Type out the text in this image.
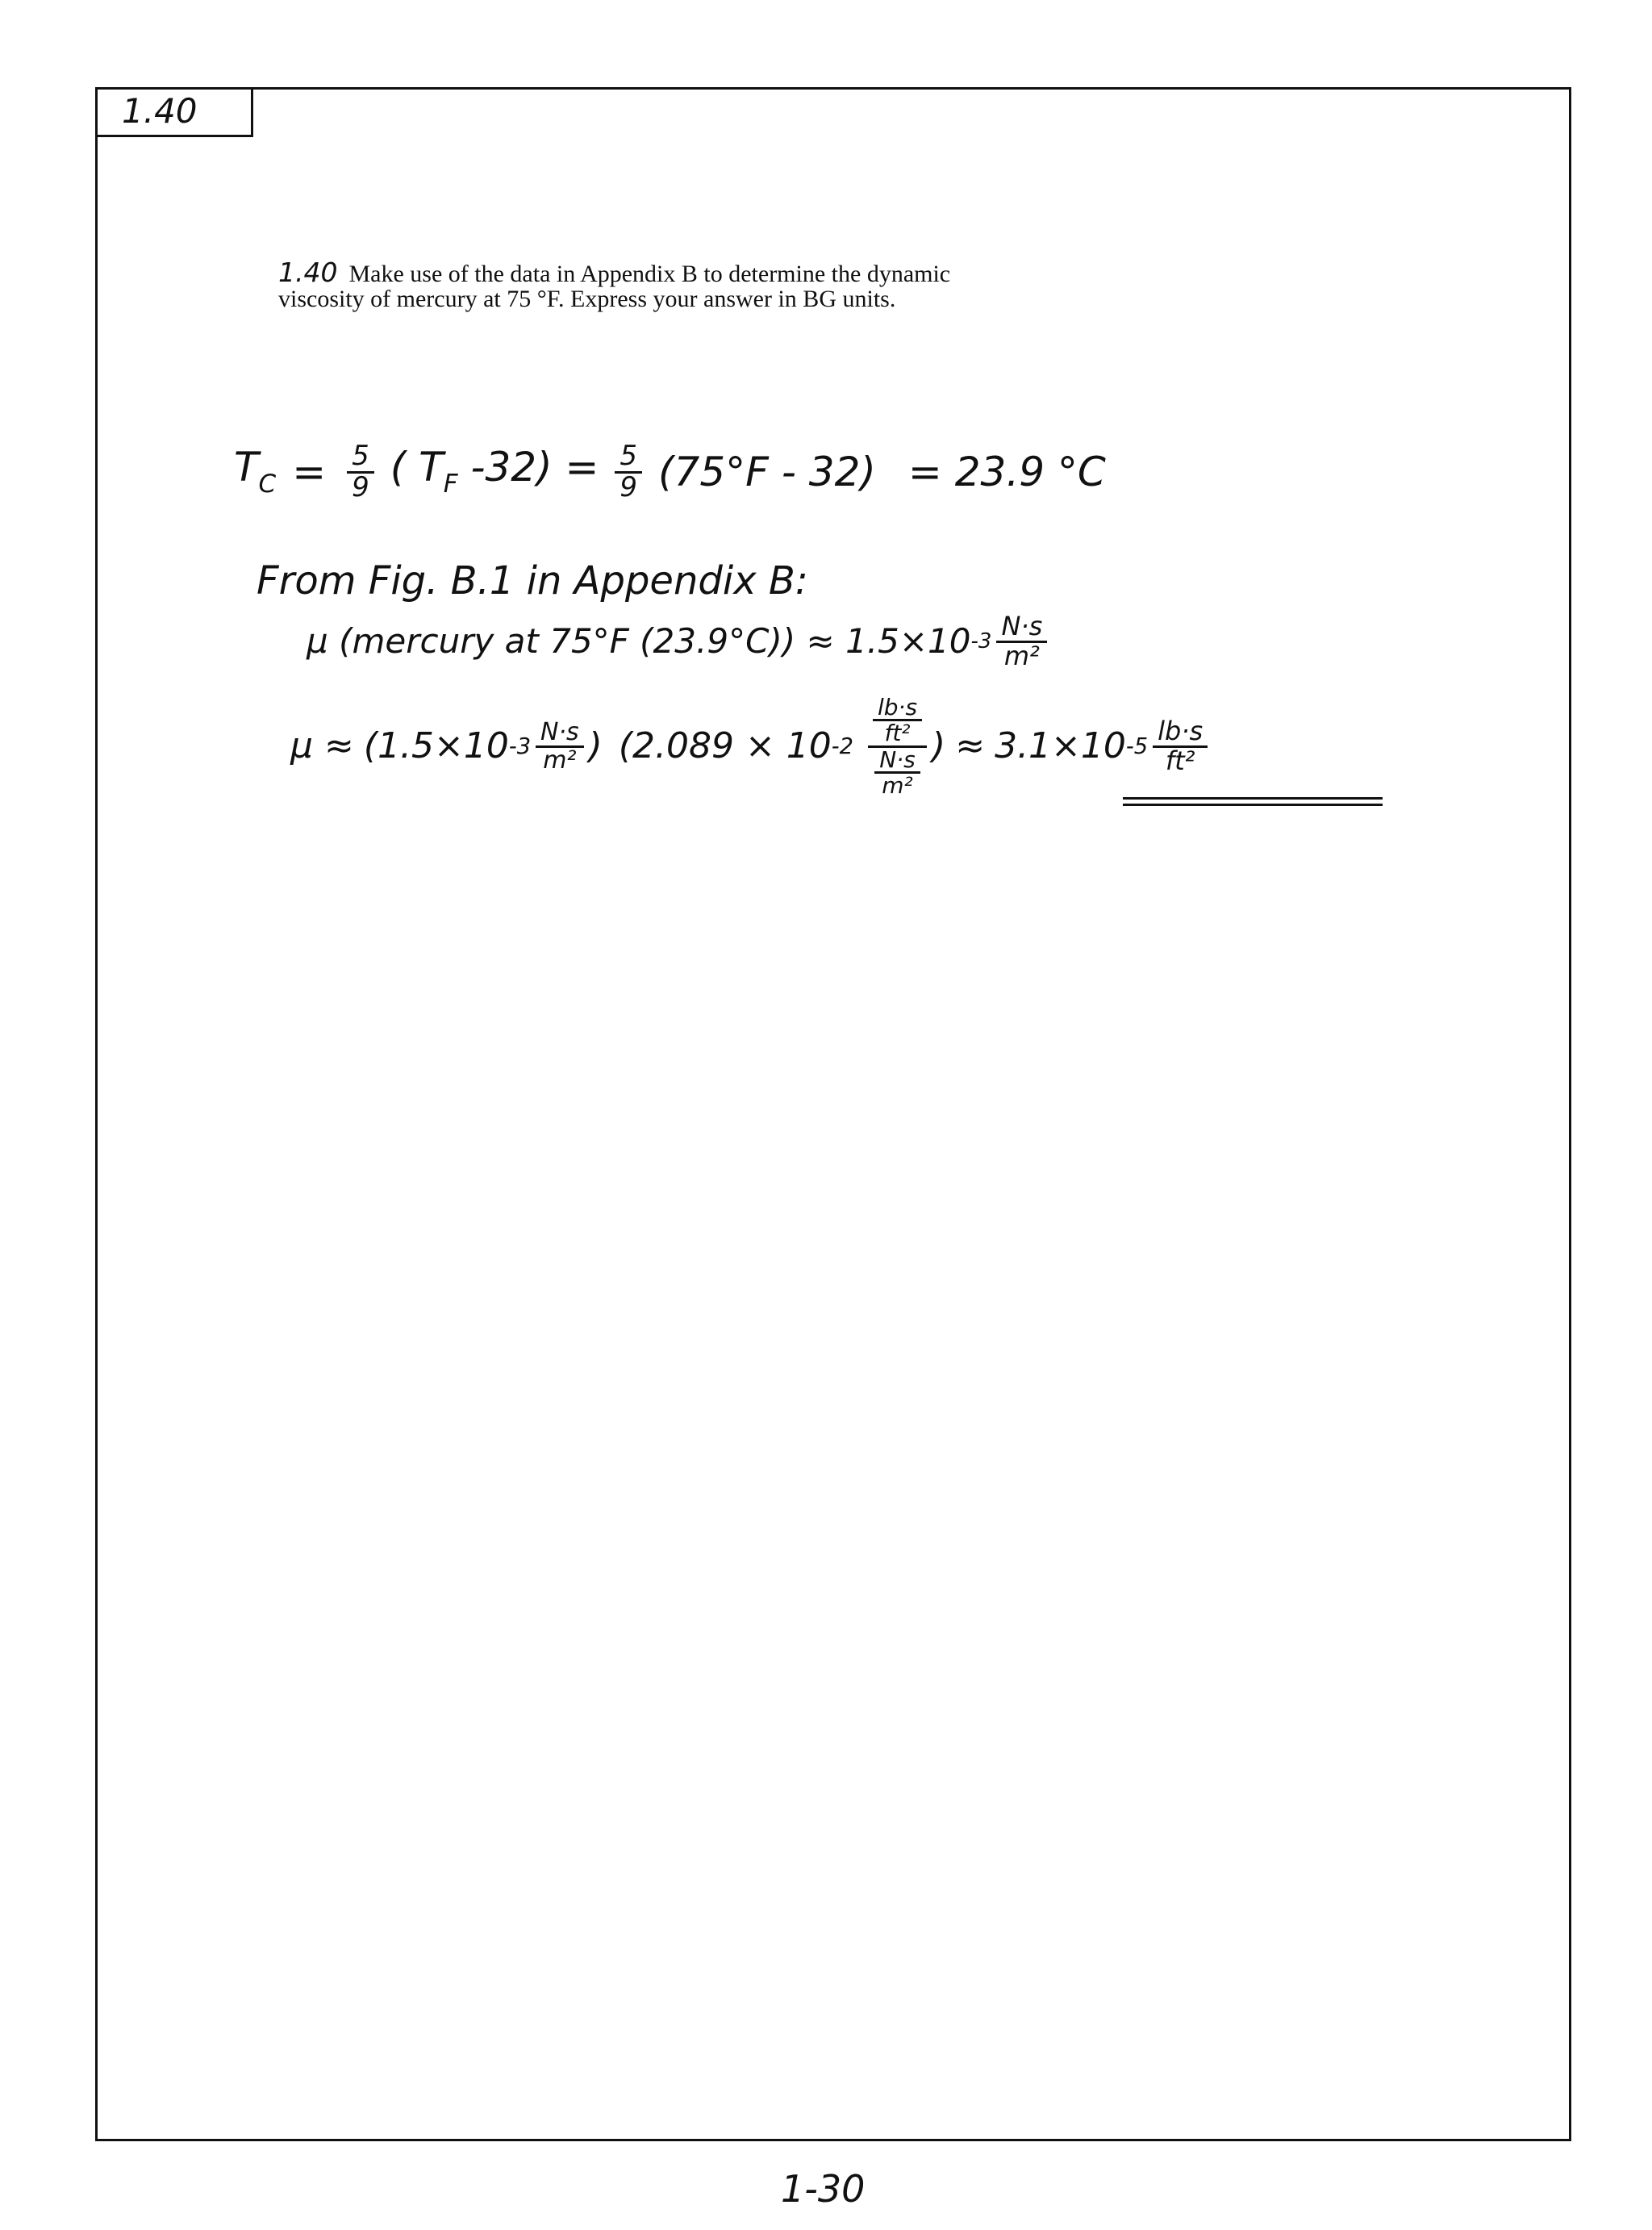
1.40
1.40 Make use of the data in Appendix B to determine the dynamic viscosity of mercury at 75 °F. Express your answer in BG units.
$T_C = \frac{5}{9}$ ( $T_F$ $-32) = \frac{5}{9} (75^\circ F - 32) = 23.9$ °C
From Fig. B.1 in Appendix B:
μ (mercury at 75°F (23.9°C)) ≈ 1.5×10 $-3 \frac{N\cdot s}{\text{m²}}$
μ ≈ (1.5×10 $-3 \frac{N\cdot s}{\text{m²}}$ ) (2.089 × 10 $-2 \frac{\frac{lb\cdot s}{\text{ft²}}}{\frac{N\cdot s}{\text{m²}}}$ ) ≈ 3.1×10 $-5 \frac{lb\cdot s}{\text{ft²}}$
1-30
